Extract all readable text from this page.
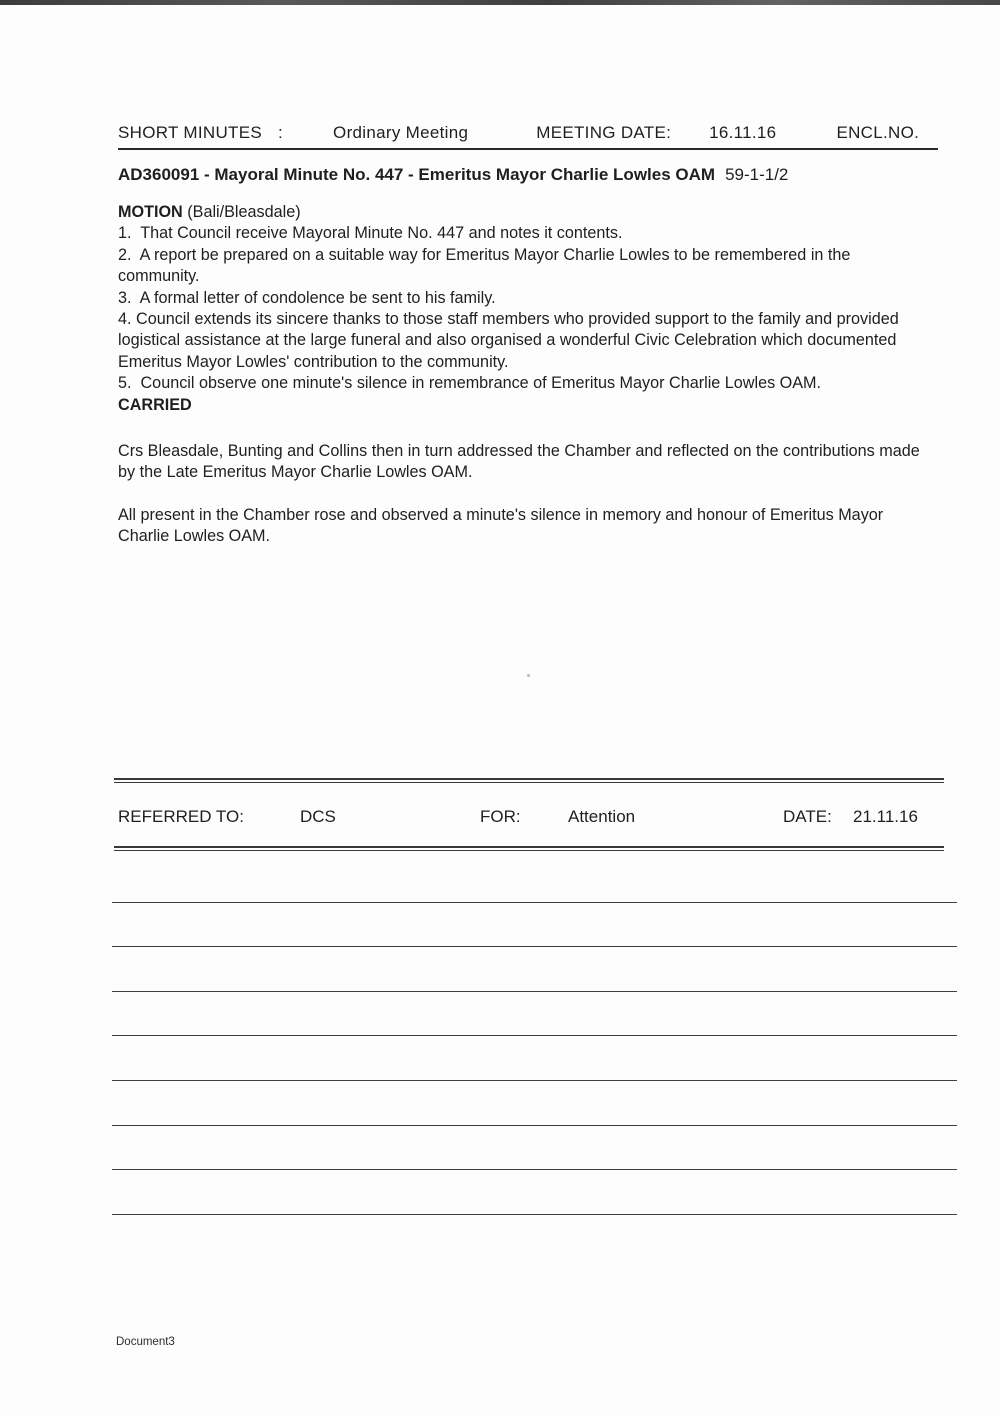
SHORT MINUTES :	Ordinary Meeting	MEETING DATE: 16.11.16	ENCL.NO.
AD360091 - Mayoral Minute No. 447 - Emeritus Mayor Charlie Lowles OAM 59-1-1/2

MOTION (Bali/Bleasdale)

1.  That Council receive Mayoral Minute No. 447 and notes it contents.

2.  A report be prepared on a suitable way for Emeritus Mayor Charlie Lowles to be remembered in the community.

3.  A formal letter of condolence be sent to his family.

4. Council extends its sincere thanks to those staff members who provided support to the family and provided logistical assistance at the large funeral and also organised a wonderful Civic Celebration which documented Emeritus Mayor Lowles' contribution to the community.

5.  Council observe one minute's silence in remembrance of Emeritus Mayor Charlie Lowles OAM.

CARRIED

Crs Bleasdale, Bunting and Collins then in turn addressed the Chamber and reflected on the contributions made by the Late Emeritus Mayor Charlie Lowles OAM.

All present in the Chamber rose and observed a minute's silence in memory and honour of Emeritus Mayor Charlie Lowles OAM.

REFERRED TO:	DCS	FOR:	Attention	DATE:	21.11.16
Document3
